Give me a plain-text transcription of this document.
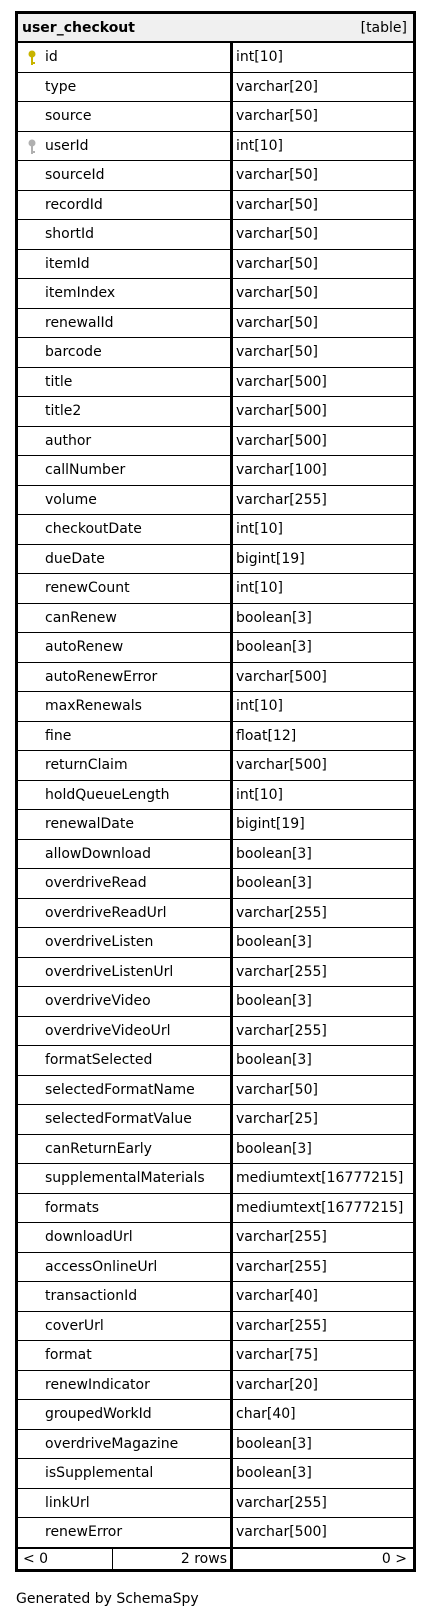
user_checkout	[table]
id	int[10]
type	varchar[20]
source	varchar[50]
userId	int[10]
sourceId	varchar[50]
recordId	varchar[50]
shortId	varchar[50]
itemId	varchar[50]
itemIndex	varchar[50]
renewalId	varchar[50]
barcode	varchar[50]
title	varchar[500]
title2	varchar[500]
author	varchar[500]
callNumber	varchar[100]
volume	varchar[255]
checkoutDate	int[10]
dueDate	bigint[19]
renewCount	int[10]
canRenew	boolean[3]
autoRenew	boolean[3]
autoRenewError	varchar[500]
maxRenewals	int[10]
fine	float[12]
returnClaim	varchar[500]
holdQueueLength	int[10]
renewalDate	bigint[19]
allowDownload	boolean[3]
overdriveRead	boolean[3]
overdriveReadUrl	varchar[255]
overdriveListen	boolean[3]
overdriveListenUrl	varchar[255]
overdriveVideo	boolean[3]
overdriveVideoUrl	varchar[255]
formatSelected	boolean[3]
selectedFormatName	varchar[50]
selectedFormatValue	varchar[25]
canReturnEarly	boolean[3]
supplementalMaterials mediumtext[16777215]
formats	mediumtext[16777215]
downloadUrl	varchar[255]
accessOnlineUrl	varchar[255]
transactionId	varchar[40]
coverUrl	varchar[255]
format	varchar[75]
renewIndicator	varchar[20]
groupedWorkId	char[40]
overdriveMagazine	boolean[3]
isSupplemental	boolean[3]
linkUrl	varchar[255]
renewError	varchar[500]
< 0	2 rows	0 >
Generated by SchemaSpy
